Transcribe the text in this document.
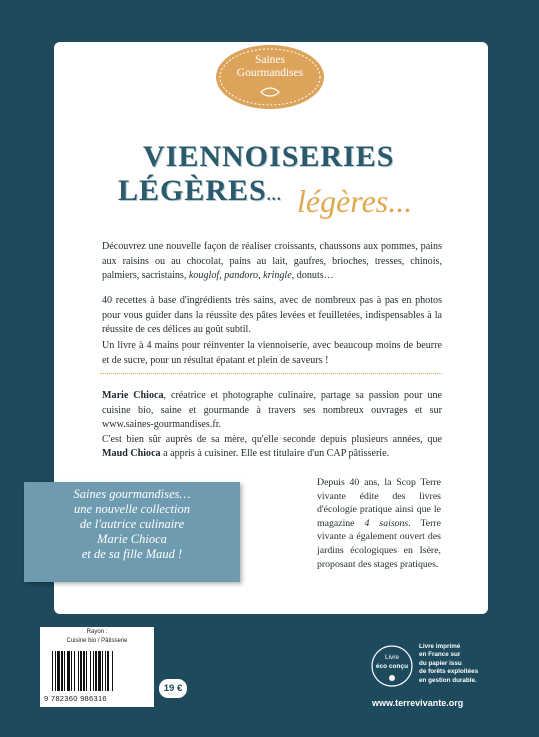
Saines
Gourmandises
VIENNOISERIES
LÉGÈRES... légères...
Découvrez une nouvelle façon de réaliser croissants, chaussons aux pommes, pains aux raisins ou au chocolat, pains au lait, gaufres, brioches, tresses, chinois, palmiers, sacristains, kouglof, pandoro, kringle, donuts…
40 recettes à base d'ingrédients très sains, avec de nombreux pas à pas en photos pour vous guider dans la réussite des pâtes levées et feuilletées, indispensables à la réussite de ces délices au goût subtil.
Un livre à 4 mains pour réinventer la viennoiserie, avec beaucoup moins de beurre et de sucre, pour un résultat épatant et plein de saveurs !
Marie Chioca, créatrice et photographe culinaire, partage sa passion pour une cuisine bio, saine et gourmande à travers ses nombreux ouvrages et sur www.saines-gourmandises.fr.
C'est bien sûr auprès de sa mère, qu'elle seconde depuis plusieurs années, que Maud Chioca a appris à cuisiner. Elle est titulaire d'un CAP pâtisserie.
Saines gourmandises…
une nouvelle collection
de l'autrice culinaire
Marie Chioca
et de sa fille Maud !
Depuis 40 ans, la Scop Terre vivante édite des livres d'écologie pratique ainsi que le magazine 4 saisons. Terre vivante a également ouvert des jardins écologiques en Isère, proposant des stages pratiques.
Rayon :
Cuisine bio / Pâtisserie
9 782360 986316
19 €
Livre
éco conçu
Livre imprimé
en France sur
du papier issu
de forêts exploitées
en gestion durable.
www.terrevivante.org
